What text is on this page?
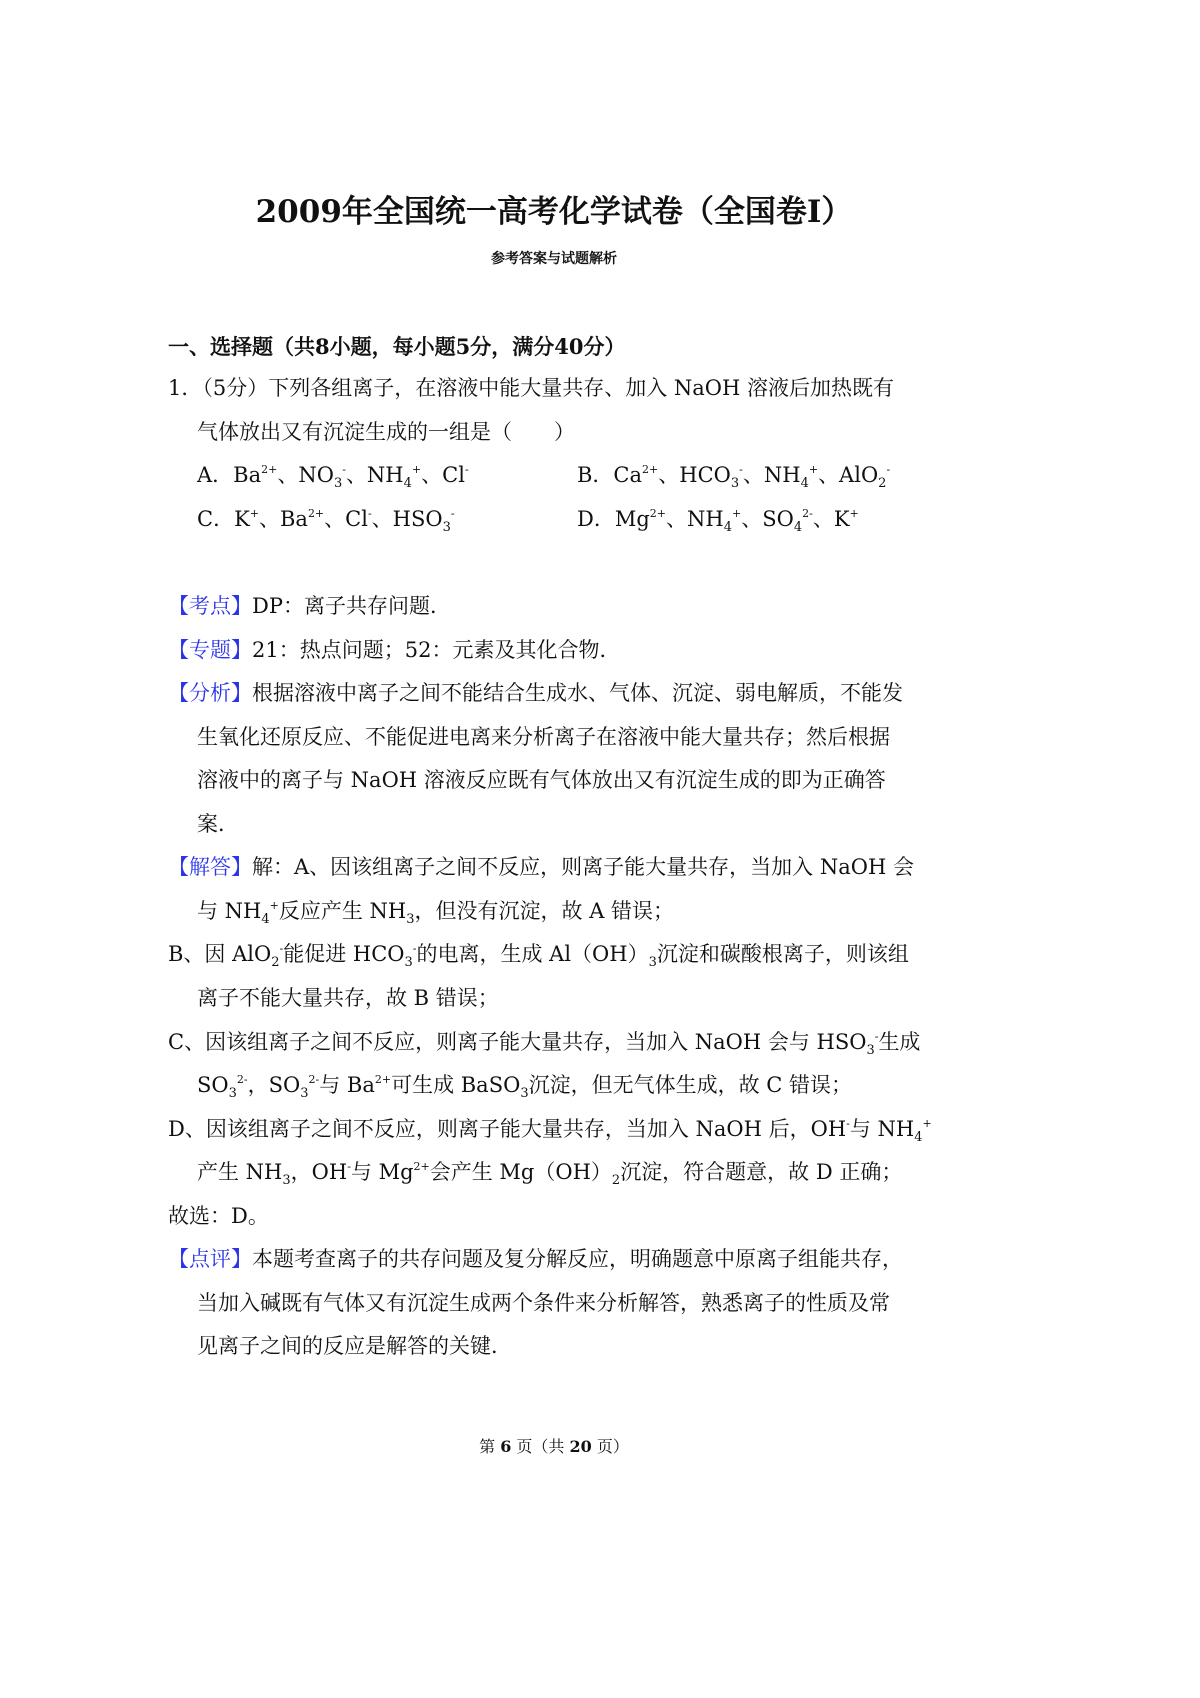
2009年全国统一高考化学试卷（全国卷Ⅰ）
参考答案与试题解析
一、选择题（共8小题，每小题5分，满分40分）
1．（5分）下列各组离子，在溶液中能大量共存、加入 NaOH 溶液后加热既有
气体放出又有沉淀生成的一组是（　　）
A．$Ba^{2+}$、$NO_3^-$、$NH_4^+$、Cl-	B．$Ca^{2+}$、$HCO_3^-$、$NH_4^+$、AlO$_2$-
C．K+、$Ba^{2+}$、Cl-、$HSO_3^-$	D．$Mg^{2+}$、$NH_4^+$、$SO_4^{2-}$、K+
【考点】DP：离子共存问题．
【专题】21：热点问题；52：元素及其化合物．
【分析】根据溶液中离子之间不能结合生成水、气体、沉淀、弱电解质，不能发
生氧化还原反应、不能促进电离来分析离子在溶液中能大量共存；然后根据
溶液中的离子与 NaOH 溶液反应既有气体放出又有沉淀生成的即为正确答
案．
【解答】解：A、因该组离子之间不反应，则离子能大量共存，当加入 NaOH 会
与 $NH_4^+$反应产生 $NH_3$，但没有沉淀，故 A 错误；
B、因 AlO$_2$-能促进 $HCO_3^-$的电离，生成 $Al(OH)_3$沉淀和碳酸根离子，则该组
离子不能大量共存，故 B 错误；
C、因该组离子之间不反应，则离子能大量共存，当加入 NaOH 会与 $HSO_3^-$生成
$SO_3^{2-}$，$SO_3^{2-}$与 $Ba^{2+}$可生成 BaSO$_3$沉淀，但无气体生成，故 C 错误；
D、因该组离子之间不反应，则离子能大量共存，当加入 NaOH 后，OH-与 $NH_4^+$
产生 $NH_3$，OH-与 $Mg^{2+}$会产生 $Mg(OH)_2$沉淀，符合题意，故 D 正确；
故选：D。
【点评】本题考查离子的共存问题及复分解反应，明确题意中原离子组能共存，
当加入碱既有气体又有沉淀生成两个条件来分析解答，熟悉离子的性质及常
见离子之间的反应是解答的关键．
第 6 页（共 20 页）
